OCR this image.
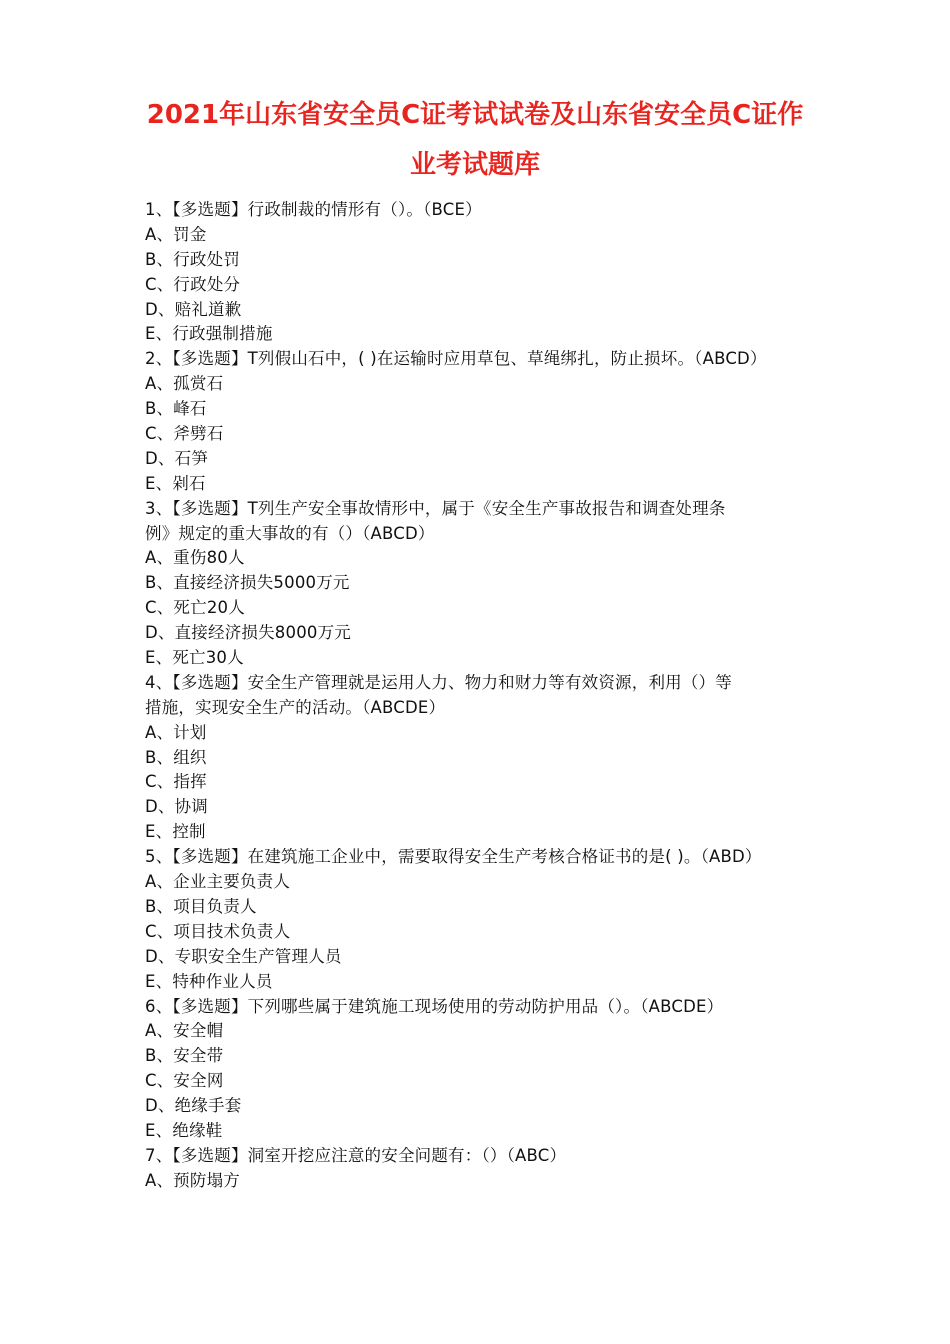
2021年山东省安全员C证考试试卷及山东省安全员C证作
业考试题库
1、【多选题】行政制裁的情形有（）。（BCE）
A、罚金
B、行政处罚
C、行政处分
D、赔礼道歉
E、行政强制措施
2、【多选题】T列假山石中，( )在运输时应用草包、草绳绑扎，防止损坏。（ABCD）
A、孤赏石
B、峰石
C、斧劈石
D、石笋
E、剁石
3、【多选题】T列生产安全事故情形中，属于《安全生产事故报告和调查处理条
例》规定的重大事故的有（）（ABCD）
A、重伤80人
B、直接经济损失5000万元
C、死亡20人
D、直接经济损失8000万元
E、死亡30人
4、【多选题】安全生产管理就是运用人力、物力和财力等有效资源，利用（）等
措施，实现安全生产的活动。（ABCDE）
A、计划
B、组织
C、指挥
D、协调
E、控制
5、【多选题】在建筑施工企业中，需要取得安全生产考核合格证书的是( )。（ABD）
A、企业主要负责人
B、项目负责人
C、项目技术负责人
D、专职安全生产管理人员
E、特种作业人员
6、【多选题】下列哪些属于建筑施工现场使用的劳动防护用品（）。（ABCDE）
A、安全帽
B、安全带
C、安全网
D、绝缘手套
E、绝缘鞋
7、【多选题】洞室开挖应注意的安全问题有：（）（ABC）
A、预防塌方
